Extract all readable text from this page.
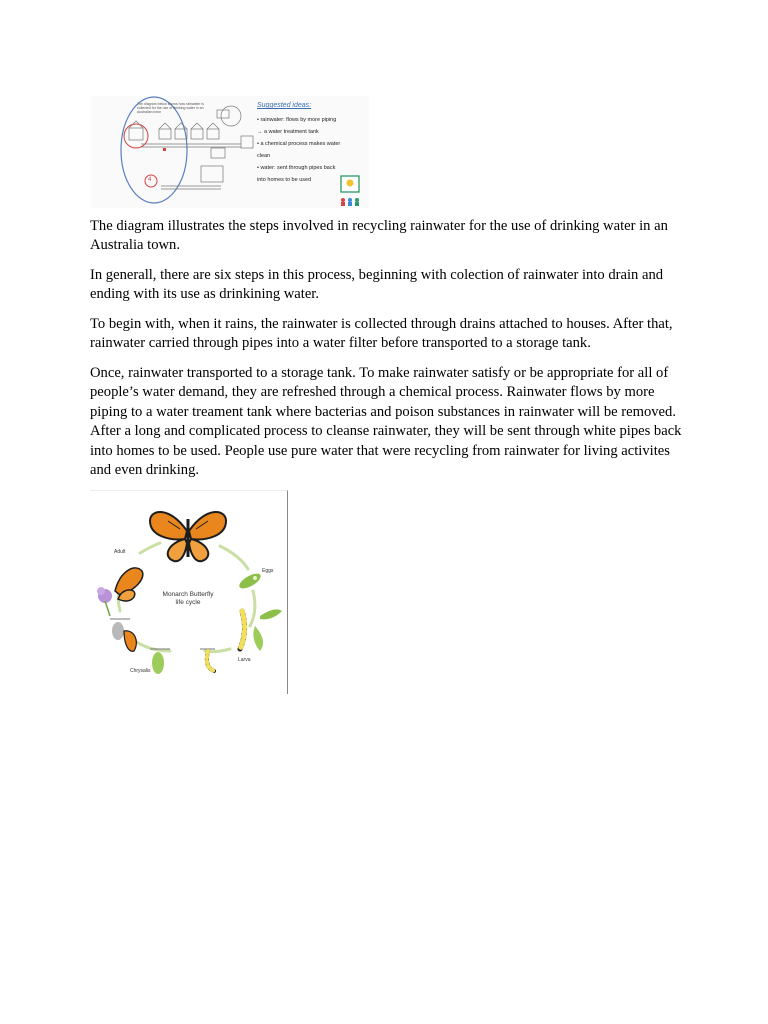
The diagram below shows how rainwater is collected for the use of drinking water in an Australian town
4
Suggested ideas:
• rainwater: flows by more piping
→ a water treatment tank
• a chemical process makes water
clean
• water: sent through pipes back
into homes to be used
The diagram illustrates the steps involved in recycling rainwater for the use of drinking water in an Australia town.
In generall, there are six steps in this process, beginning with colection of rainwater into drain and ending with its use as drinkining water.
To begin with, when it rains, the rainwater is collected through drains attached to houses. After that, rainwater carried through pipes into a water filter before transported to a storage tank.
Once, rainwater transported to a storage tank. To make rainwater satisfy or be appropriate for all of people’s water demand, they are refreshed through a chemical process. Rainwater flows by more piping to a water treament tank where bacterias and poison substances in rainwater will be removed. After a long and complicated process to cleanse rainwater, they will be sent through white pipes back into homes to be used. People use pure water that were recycling from rainwater for living activites and even drinking.
Monarch Butterfly
life cycle
Adult
Eggs
Larva
Chrysalis
